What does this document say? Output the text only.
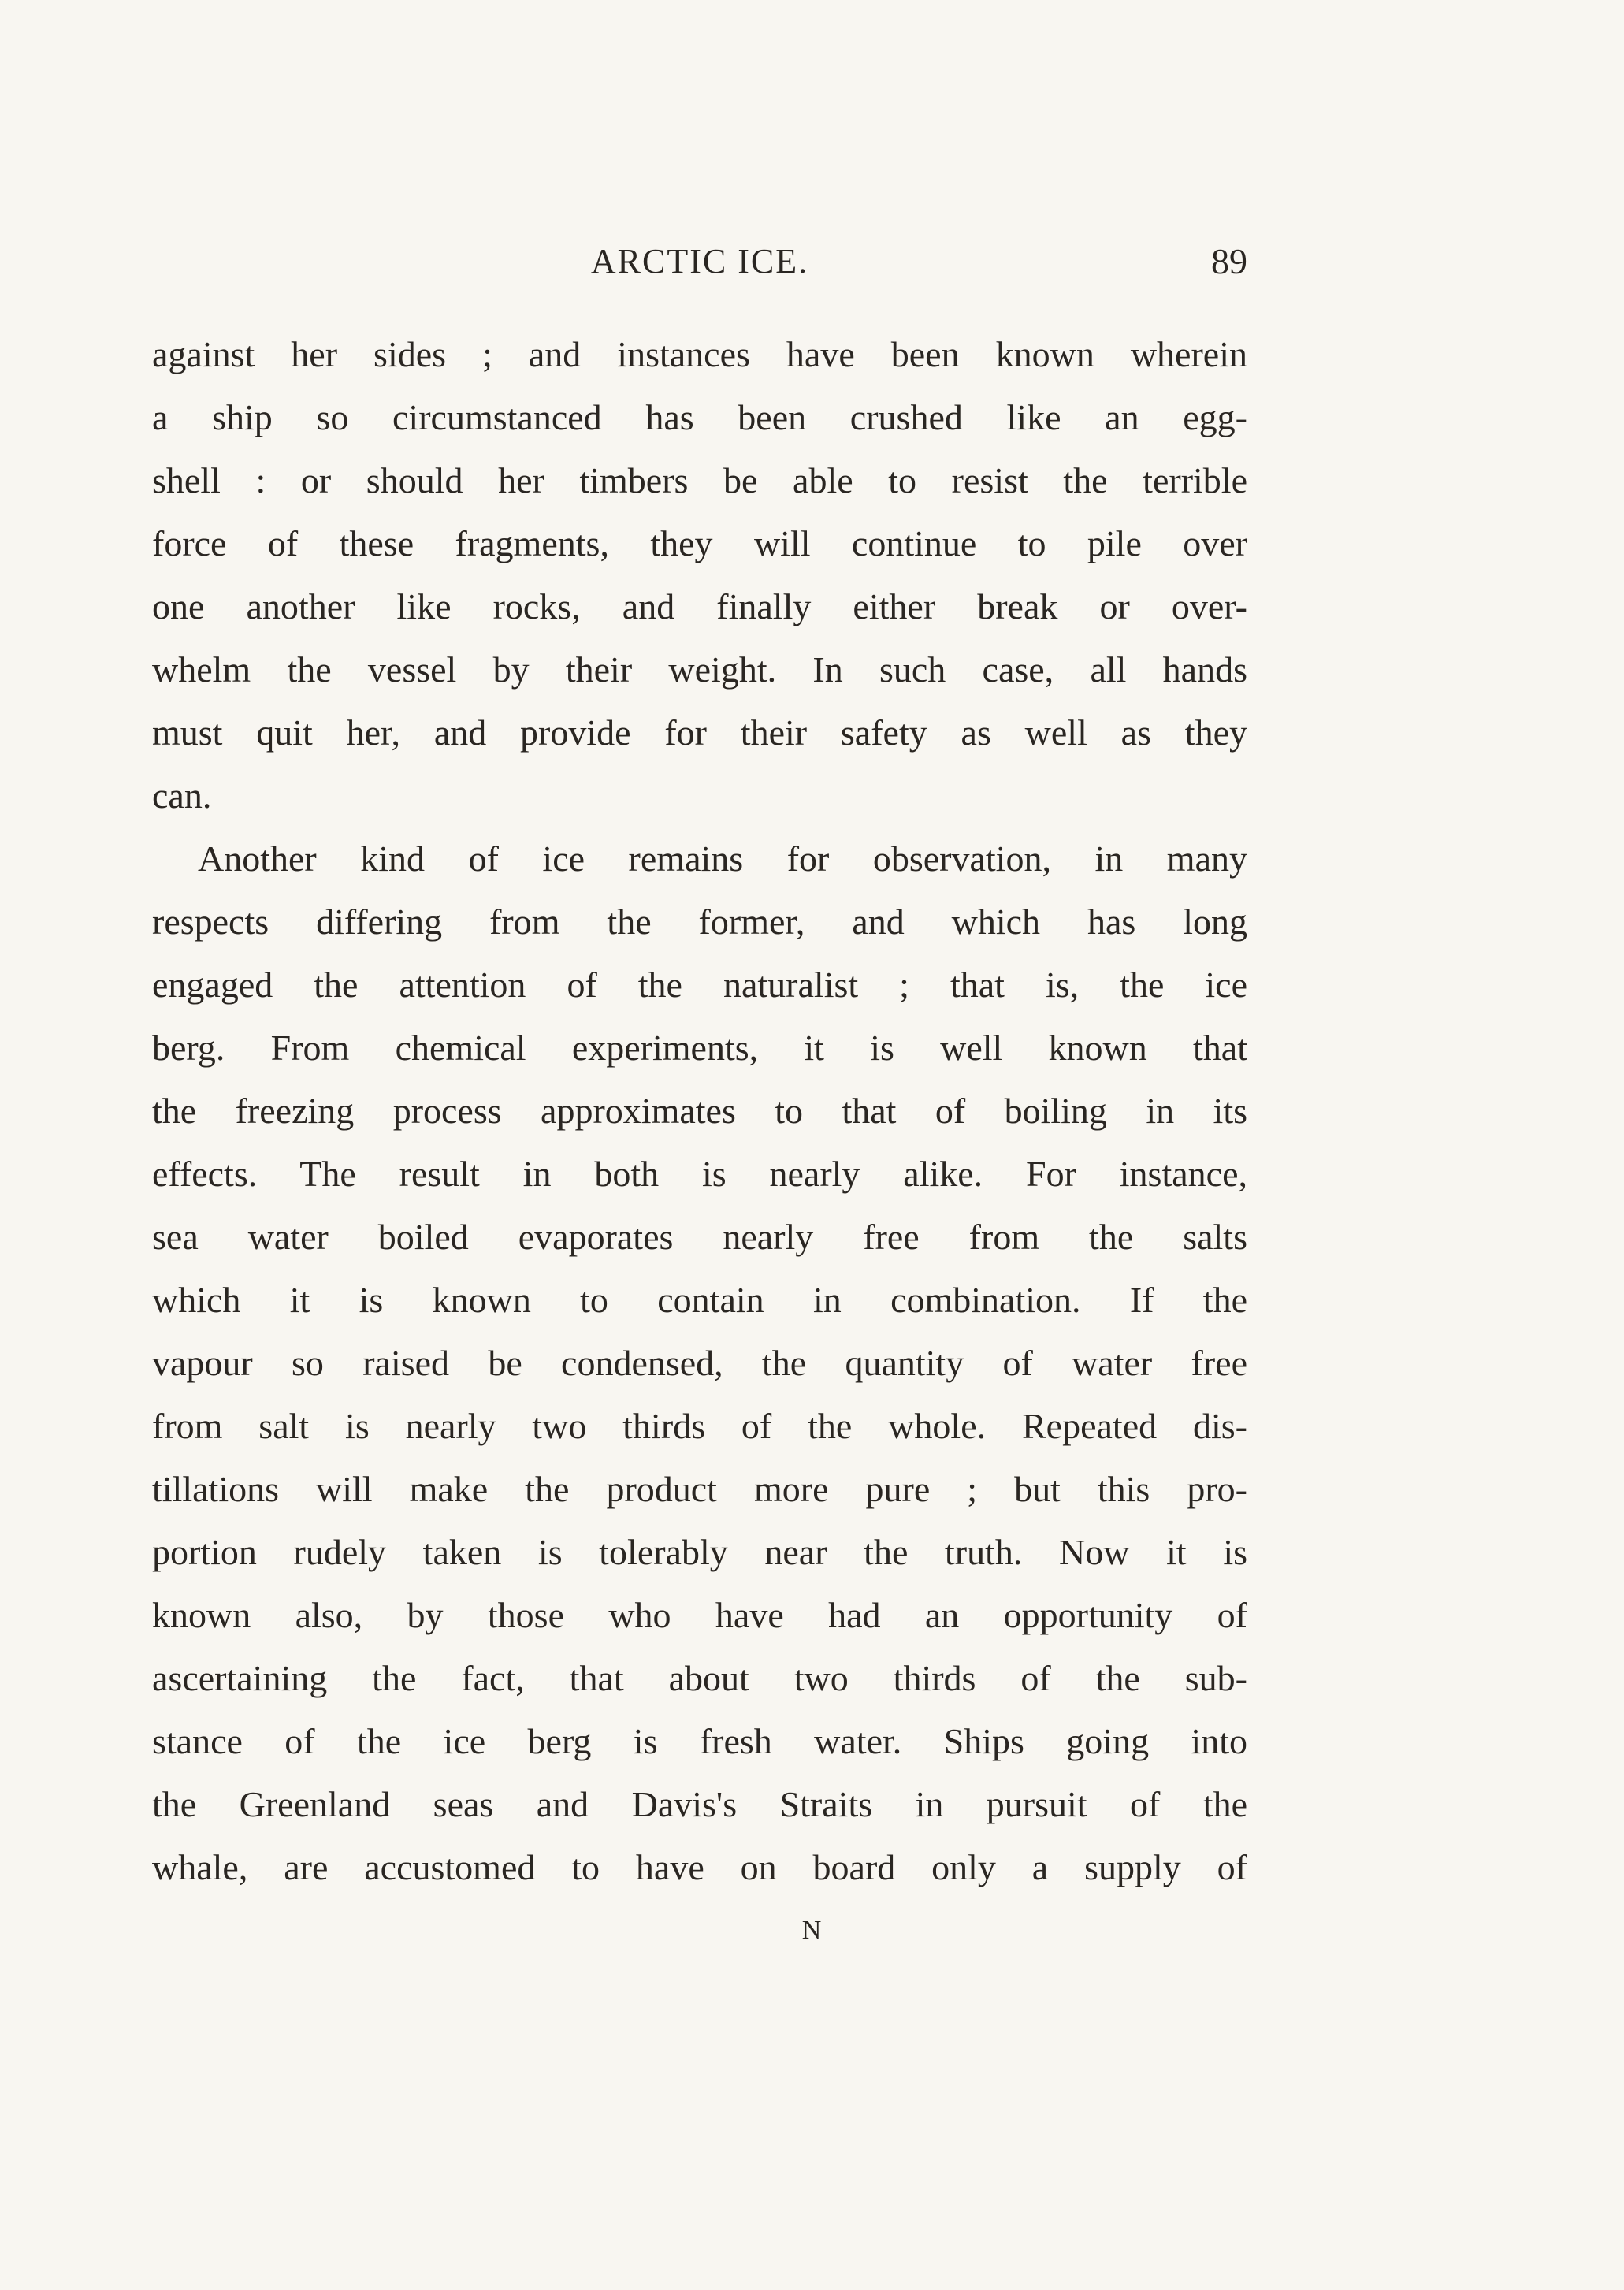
ARCTIC ICE.	89
against her sides ; and instances have been known wherein
a ship so circumstanced has been crushed like an egg-
shell : or should her timbers be able to resist the terrible
force of these fragments, they will continue to pile over
one another like rocks, and finally either break or over-
whelm the vessel by their weight. In such case, all hands
must quit her, and provide for their safety as well as they
can.
Another kind of ice remains for observation, in many
respects differing from the former, and which has long
engaged the attention of the naturalist ; that is, the ice
berg. From chemical experiments, it is well known that
the freezing process approximates to that of boiling in its
effects. The result in both is nearly alike. For instance,
sea water boiled evaporates nearly free from the salts
which it is known to contain in combination. If the
vapour so raised be condensed, the quantity of water free
from salt is nearly two thirds of the whole. Repeated dis-
tillations will make the product more pure ; but this pro-
portion rudely taken is tolerably near the truth. Now it is
known also, by those who have had an opportunity of
ascertaining the fact, that about two thirds of the sub-
stance of the ice berg is fresh water. Ships going into
the Greenland seas and Davis's Straits in pursuit of the
whale, are accustomed to have on board only a supply of
N
